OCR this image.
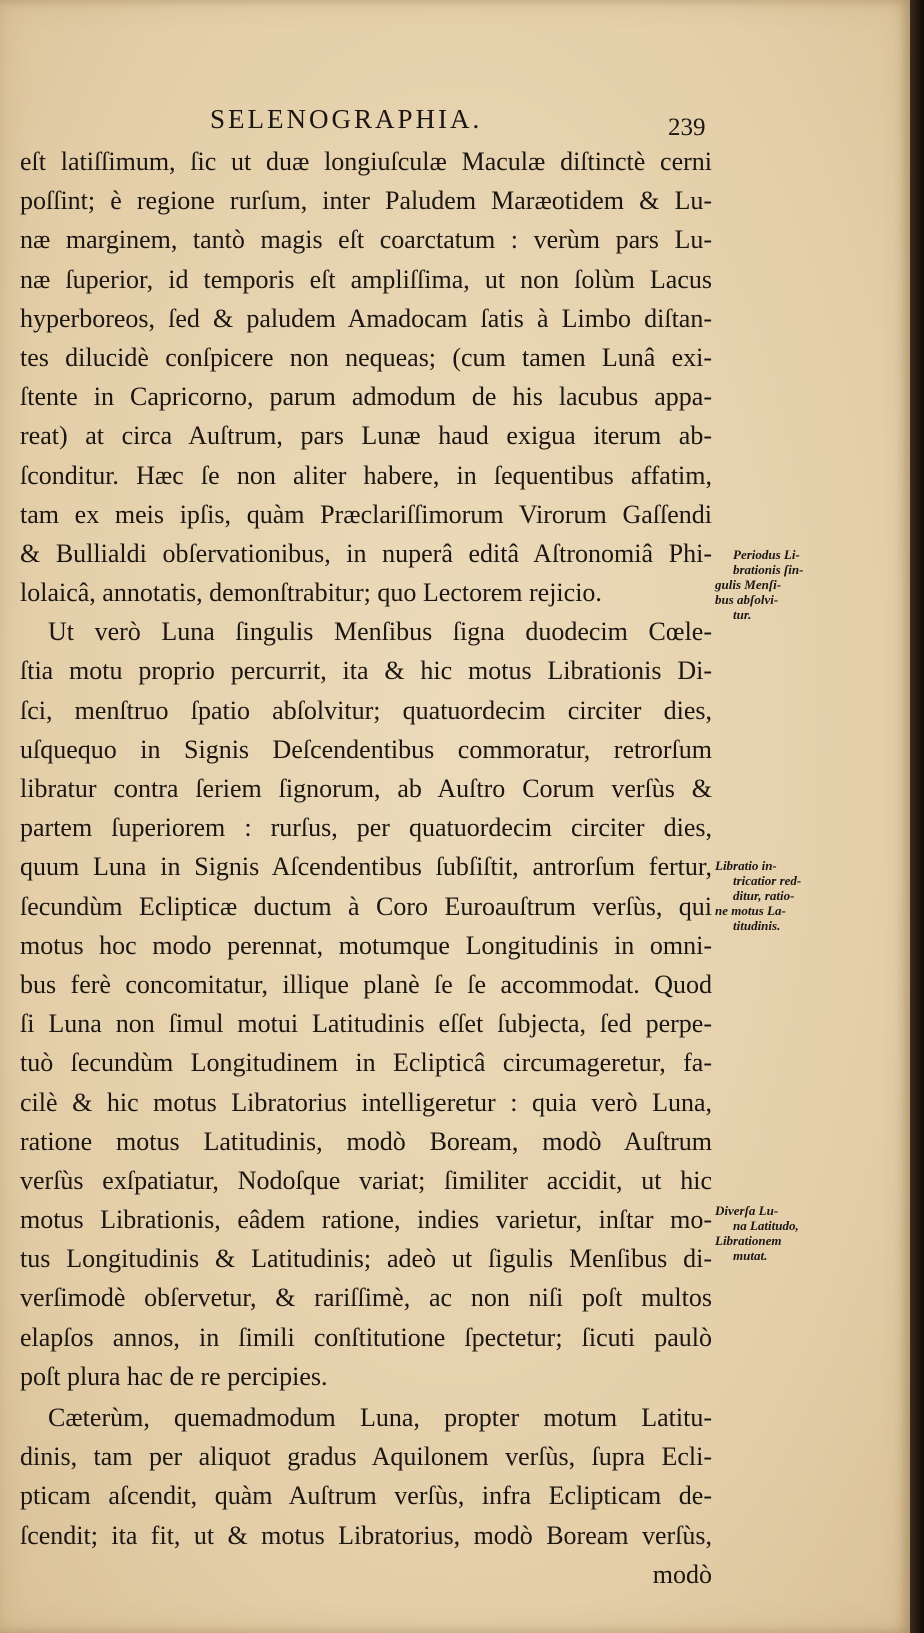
SELENOGRAPHIA.	239
eſt latiſſimum, ſic ut duæ longiuſculæ Maculæ diſtinctè cerni
poſſint; è regione rurſum, inter Paludem Maræotidem & Lu-
næ marginem, tantò magis eſt coarctatum : verùm pars Lu-
næ ſuperior, id temporis eſt ampliſſima, ut non ſolùm Lacus
hyperboreos, ſed & paludem Amadocam ſatis à Limbo diſtan-
tes dilucidè conſpicere non nequeas; (cum tamen Lunâ exi-
ſtente in Capricorno, parum admodum de his lacubus appa-
reat) at circa Auſtrum, pars Lunæ haud exigua iterum ab-
ſconditur. Hæc ſe non aliter habere, in ſequentibus affatim,
tam ex meis ipſis, quàm Præclariſſimorum Virorum Gaſſendi
& Bullialdi obſervationibus, in nuperâ editâ Aſtronomiâ Phi-
lolaicâ, annotatis, demonſtrabitur; quo Lectorem rejicio.
Ut verò Luna ſingulis Menſibus ſigna duodecim Cœle-
ſtia motu proprio percurrit, ita & hic motus Librationis Di-
ſci, menſtruo ſpatio abſolvitur; quatuordecim circiter dies,
uſquequo in Signis Deſcendentibus commoratur, retrorſum
libratur contra ſeriem ſignorum, ab Auſtro Corum verſùs &
partem ſuperiorem : rurſus, per quatuordecim circiter dies,
quum Luna in Signis Aſcendentibus ſubſiſtit, antrorſum fertur,
ſecundùm Eclipticæ ductum à Coro Euroauſtrum verſùs, qui
motus hoc modo perennat, motumque Longitudinis in omni-
bus ferè concomitatur, illique planè ſe ſe accommodat. Quod
ſi Luna non ſimul motui Latitudinis eſſet ſubjecta, ſed perpe-
tuò ſecundùm Longitudinem in Eclipticâ circumageretur, fa-
cilè & hic motus Libratorius intelligeretur : quia verò Luna,
ratione motus Latitudinis, modò Boream, modò Auſtrum
verſùs exſpatiatur, Nodoſque variat; ſimiliter accidit, ut hic
motus Librationis, eâdem ratione, indies varietur, inſtar mo-
tus Longitudinis & Latitudinis; adeò ut ſigulis Menſibus di-
verſimodè obſervetur, & rariſſimè, ac non niſi poſt multos
elapſos annos, in ſimili conſtitutione ſpectetur; ſicuti paulò
poſt plura hac de re percipies.
Cæterùm, quemadmodum Luna, propter motum Latitu-
dinis, tam per aliquot gradus Aquilonem verſùs, ſupra Ecli-
pticam aſcendit, quàm Auſtrum verſùs, infra Eclipticam de-
ſcendit; ita fit, ut & motus Libratorius, modò Boream verſùs,
modò
Periodus Li-
brationis ſin-
gulis Menſi-
bus abſolvi-
tur.
Libratio in-
tricatior red-
ditur, ratio-
ne motus La-
titudinis.
Diverſa Lu-
na Latitudo,
Librationem
mutat.
